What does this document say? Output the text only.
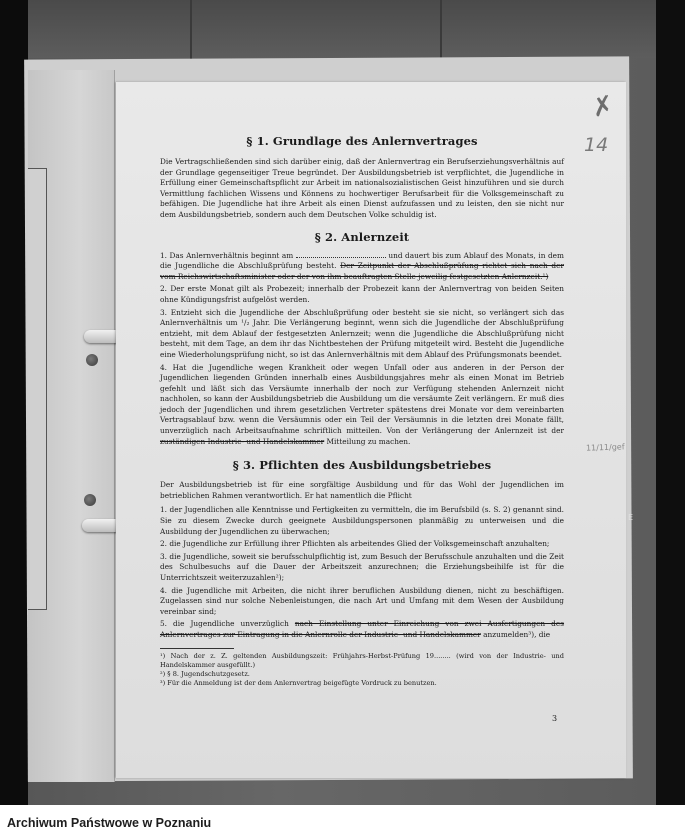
E
✗
14
§ 1. Grundlage des Anlernvertrages

Die Vertragschließenden sind sich darüber einig, daß der Anlernvertrag ein Berufserziehungsverhältnis auf der Grundlage gegenseitiger Treue begründet. Der Ausbildungsbetrieb ist verpflichtet, die Jugendliche in Erfüllung einer Gemeinschaftspflicht zur Arbeit im nationalsozialistischen Geist hinzuführen und sie durch Vermittlung fachlichen Wissens und Könnens zu hochwertiger Berufsarbeit für die Volksgemeinschaft zu befähigen. Die Jugendliche hat ihre Arbeit als einen Dienst aufzufassen und zu leisten, den sie nicht nur dem Ausbildungsbetrieb, sondern auch dem Deutschen Volke schuldig ist.

§ 2. Anlernzeit

1. Das Anlernverhältnis beginnt am	und dauert bis zum Ablauf des Monats, in dem die Jugendliche die Abschlußprüfung besteht. Der Zeitpunkt der Abschlußprüfung richtet sich nach der vom Reichswirtschaftsminister oder der von ihm beauftragten Stelle jeweilig festgesetzten Anlernzeit.¹)

2. Der erste Monat gilt als Probezeit; innerhalb der Probezeit kann der Anlernvertrag von beiden Seiten ohne Kündigungsfrist aufgelöst werden.

3. Entzieht sich die Jugendliche der Abschlußprüfung oder besteht sie sie nicht, so verlängert sich das Anlernverhältnis um ¹/₂ Jahr. Die Verlängerung beginnt, wenn sich die Jugendliche der Abschlußprüfung entzieht, mit dem Ablauf der festgesetzten Anlernzeit; wenn die Jugendliche die Abschlußprüfung nicht besteht, mit dem Tage, an dem ihr das Nichtbestehen der Prüfung mitgeteilt wird. Besteht die Jugendliche eine Wiederholungsprüfung nicht, so ist das Anlernverhältnis mit dem Ablauf des Prüfungsmonats beendet.

4. Hat die Jugendliche wegen Krankheit oder wegen Unfall oder aus anderen in der Person der Jugendlichen liegenden Gründen innerhalb eines Ausbildungsjahres mehr als einen Monat im Betrieb gefehlt und läßt sich das Versäumte innerhalb der noch zur Verfügung stehenden Anlernzeit nicht nachholen, so kann der Ausbildungsbetrieb die Ausbildung um die versäumte Zeit verlängern. Er muß dies jedoch der Jugendlichen und ihrem gesetzlichen Vertreter spätestens drei Monate vor dem vereinbarten Vertragsablauf bzw. wenn die Versäumnis oder ein Teil der Versäumnis in die letzten drei Monate fällt, unverzüglich nach Arbeitsaufnahme schriftlich mitteilen. Von der Verlängerung der Anlernzeit ist der zuständigen Industrie- und Handelskammer Mitteilung zu machen.

§ 3. Pflichten des Ausbildungsbetriebes

Der Ausbildungsbetrieb ist für eine sorgfältige Ausbildung und für das Wohl der Jugendlichen im betrieblichen Rahmen verantwortlich. Er hat namentlich die Pflicht

1. der Jugendlichen alle Kenntnisse und Fertigkeiten zu vermitteln, die im Berufsbild (s. S. 2) genannt sind. Sie zu diesem Zwecke durch geeignete Ausbildungspersonen planmäßig zu unterweisen und die Ausbildung der Jugendlichen zu überwachen;
2. die Jugendliche zur Erfüllung ihrer Pflichten als arbeitendes Glied der Volksgemeinschaft anzuhalten;
3. die Jugendliche, soweit sie berufsschulpflichtig ist, zum Besuch der Berufsschule anzuhalten und die Zeit des Schulbesuchs auf die Dauer der Arbeitszeit anzurechnen; die Erziehungsbeihilfe ist für die Unterrichtszeit weiterzuzahlen²);
4. die Jugendliche mit Arbeiten, die nicht ihrer beruflichen Ausbildung dienen, nicht zu beschäftigen. Zugelassen sind nur solche Nebenleistungen, die nach Art und Umfang mit dem Wesen der Ausbildung vereinbar sind;
5. die Jugendliche unverzüglich nach Einstellung unter Einreichung von zwei Ausfertigungen des Anlernvertrages zur Eintragung in die Anlernrolle der Industrie- und Handelskammer anzumelden³), die

¹) Nach der z. Z. geltenden Ausbildungszeit: Frühjahrs-Herbst-Prüfung 19........ (wird von der Industrie- und Handelskammer ausgefüllt.)

²) § 8. Jugendschutzgesetz.

³) Für die Anmeldung ist der dem Anlernvertrag beigefügte Vordruck zu benutzen.

11/11/gef
3
Archiwum Państwowe w Poznaniu
